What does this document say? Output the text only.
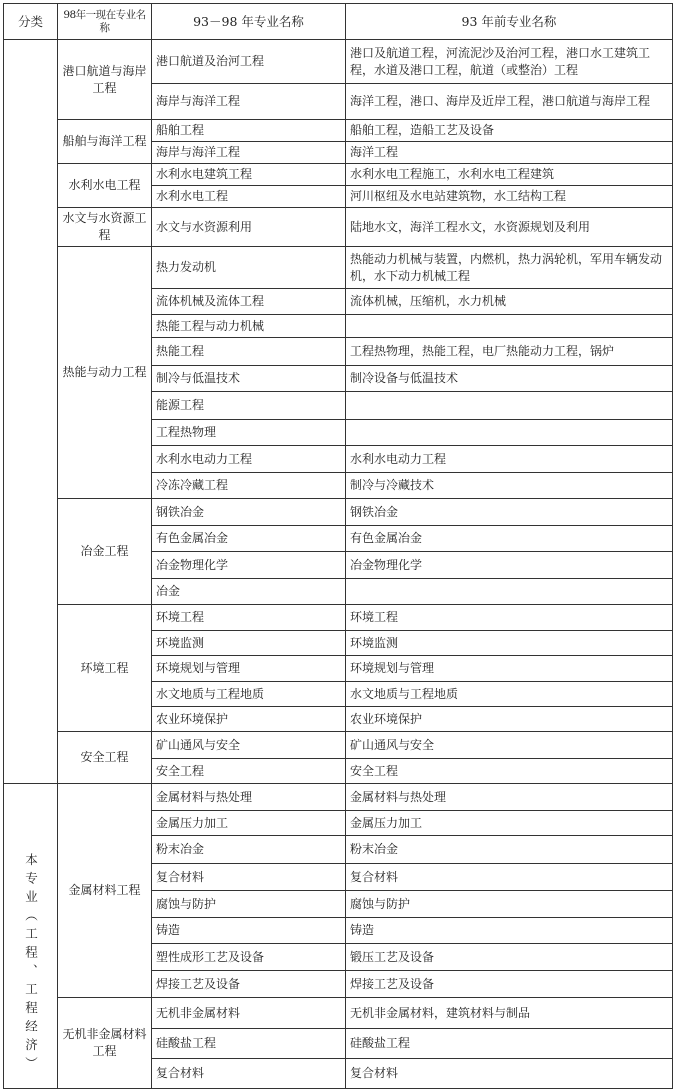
分类	98年一现在专业名称	93－98 年专业名称	93 年前专业名称
	港口航道与海岸工程	港口航道及治河工程	港口及航道工程，河流泥沙及治河工程，港口水工建筑工程，水道及港口工程，航道（或整治）工程
		海岸与海洋工程	海洋工程，港口、海岸及近岸工程，港口航道与海岸工程
	船舶与海洋工程	船舶工程	船舶工程，造船工艺及设备
		海岸与海洋工程	海洋工程
	水利水电工程	水利水电建筑工程	水利水电工程施工，水利水电工程建筑
		水利水电工程	河川枢纽及水电站建筑物，水工结构工程
	水文与水资源工程	水文与水资源利用	陆地水文，海洋工程水文，水资源规划及利用
	热能与动力工程	热力发动机	热能动力机械与装置，内燃机，热力涡轮机，军用车辆发动机，水下动力机械工程
		流体机械及流体工程	流体机械，压缩机，水力机械
		热能工程与动力机械	
		热能工程	工程热物理，热能工程，电厂热能动力工程，锅炉
		制冷与低温技术	制冷设备与低温技术
		能源工程	
		工程热物理	
		水利水电动力工程	水利水电动力工程
		冷冻冷藏工程	制冷与冷藏技术
	冶金工程	钢铁冶金	钢铁冶金
		有色金属冶金	有色金属冶金
		冶金物理化学	冶金物理化学
		冶金	
	环境工程	环境工程	环境工程
		环境监测	环境监测
		环境规划与管理	环境规划与管理
		水文地质与工程地质	水文地质与工程地质
		农业环境保护	农业环境保护
	安全工程	矿山通风与安全	矿山通风与安全
		安全工程	安全工程

本专业（工程、工程经济）	金属材料工程	金属材料与热处理	金属材料与热处理
		金属压力加工	金属压力加工
		粉末冶金	粉末冶金
		复合材料	复合材料
		腐蚀与防护	腐蚀与防护
		铸造	铸造
		塑性成形工艺及设备	锻压工艺及设备
		焊接工艺及设备	焊接工艺及设备
	无机非金属材料工程	无机非金属材料	无机非金属材料，建筑材料与制品
		硅酸盐工程	硅酸盐工程
		复合材料	复合材料
